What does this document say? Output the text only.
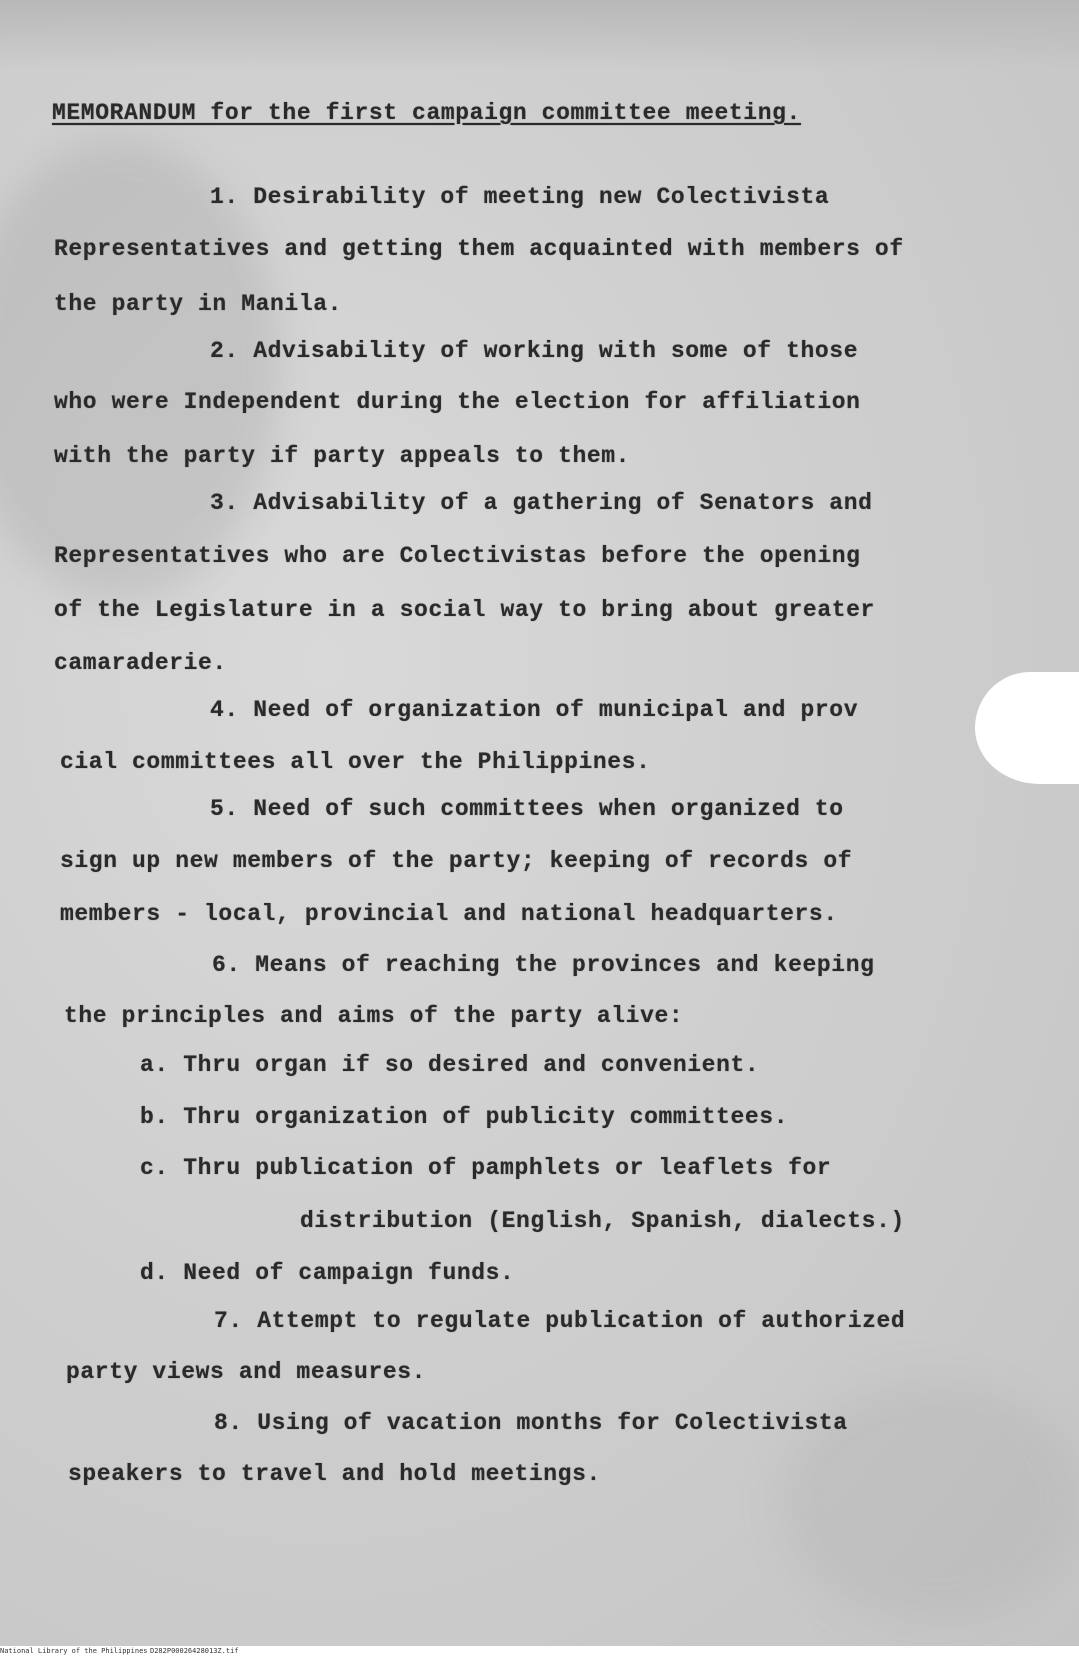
MEMORANDUM for the first campaign committee meeting.
1. Desirability of meeting new Colectivista
Representatives and getting them acquainted with members of
the party in Manila.
2. Advisability of working with some of those
who were Independent during the election for affiliation
with the party if party appeals to them.
3. Advisability of a gathering of Senators and
Representatives who are Colectivistas before the opening
of the Legislature in a social way to bring about greater
camaraderie.
4. Need of organization of municipal and prov
cial committees all over the Philippines.
5. Need of such committees when organized to
sign up new members of the party; keeping of records of
members - local, provincial and national headquarters.
6. Means of reaching the provinces and keeping
the principles and aims of the party alive:
a. Thru organ if so desired and convenient.
b. Thru organization of publicity committees.
c. Thru publication of pamphlets or leaflets for
distribution (English, Spanish, dialects.)
d. Need of campaign funds.
7. Attempt to regulate publication of authorized
party views and measures.
8. Using of vacation months for Colectivista
speakers to travel and hold meetings.
National Library of the Philippines D282P00026428013Z.tif
